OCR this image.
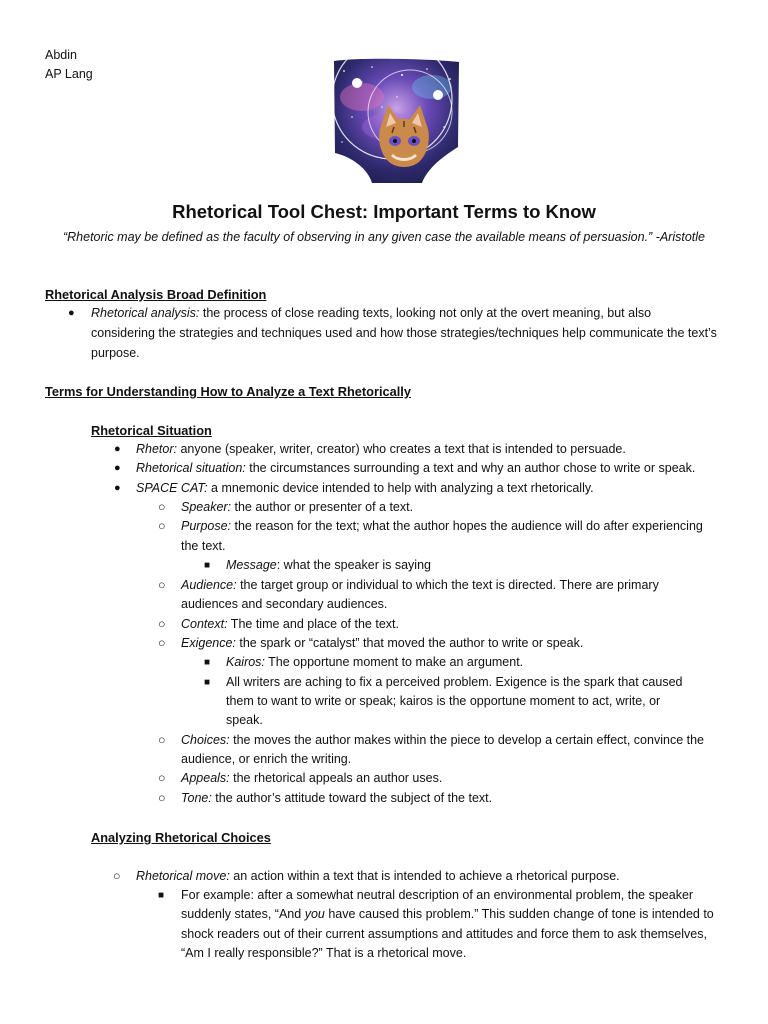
Abdin
AP Lang
Rhetorical Tool Chest: Important Terms to Know
“Rhetoric may be defined as the faculty of observing in any given case the available means of persuasion.” -Aristotle
Rhetorical Analysis Broad Definition
● Rhetorical analysis: the process of close reading texts, looking not only at the overt meaning, but also
considering the strategies and techniques used and how those strategies/techniques help communicate the text’s
purpose.
Terms for Understanding How to Analyze a Text Rhetorically
Rhetorical Situation
● Rhetor: anyone (speaker, writer, creator) who creates a text that is intended to persuade.
● Rhetorical situation: the circumstances surrounding a text and why an author chose to write or speak.
● SPACE CAT: a mnemonic device intended to help with analyzing a text rhetorically.
○ Speaker: the author or presenter of a text.
○ Purpose: the reason for the text; what the author hopes the audience will do after experiencing
the text.
■ Message: what the speaker is saying
○ Audience: the target group or individual to which the text is directed. There are primary
audiences and secondary audiences.
○ Context: The time and place of the text.
○ Exigence: the spark or “catalyst” that moved the author to write or speak.
■ Kairos: The opportune moment to make an argument.
■ All writers are aching to fix a perceived problem. Exigence is the spark that caused
them to want to write or speak; kairos is the opportune moment to act, write, or
speak.
○ Choices: the moves the author makes within the piece to develop a certain effect, convince the
audience, or enrich the writing.
○ Appeals: the rhetorical appeals an author uses.
○ Tone: the author’s attitude toward the subject of the text.
Analyzing Rhetorical Choices
○ Rhetorical move: an action within a text that is intended to achieve a rhetorical purpose.
■ For example: after a somewhat neutral description of an environmental problem, the speaker
suddenly states, “And you have caused this problem.” This sudden change of tone is intended to
shock readers out of their current assumptions and attitudes and force them to ask themselves,
“Am I really responsible?” That is a rhetorical move.
